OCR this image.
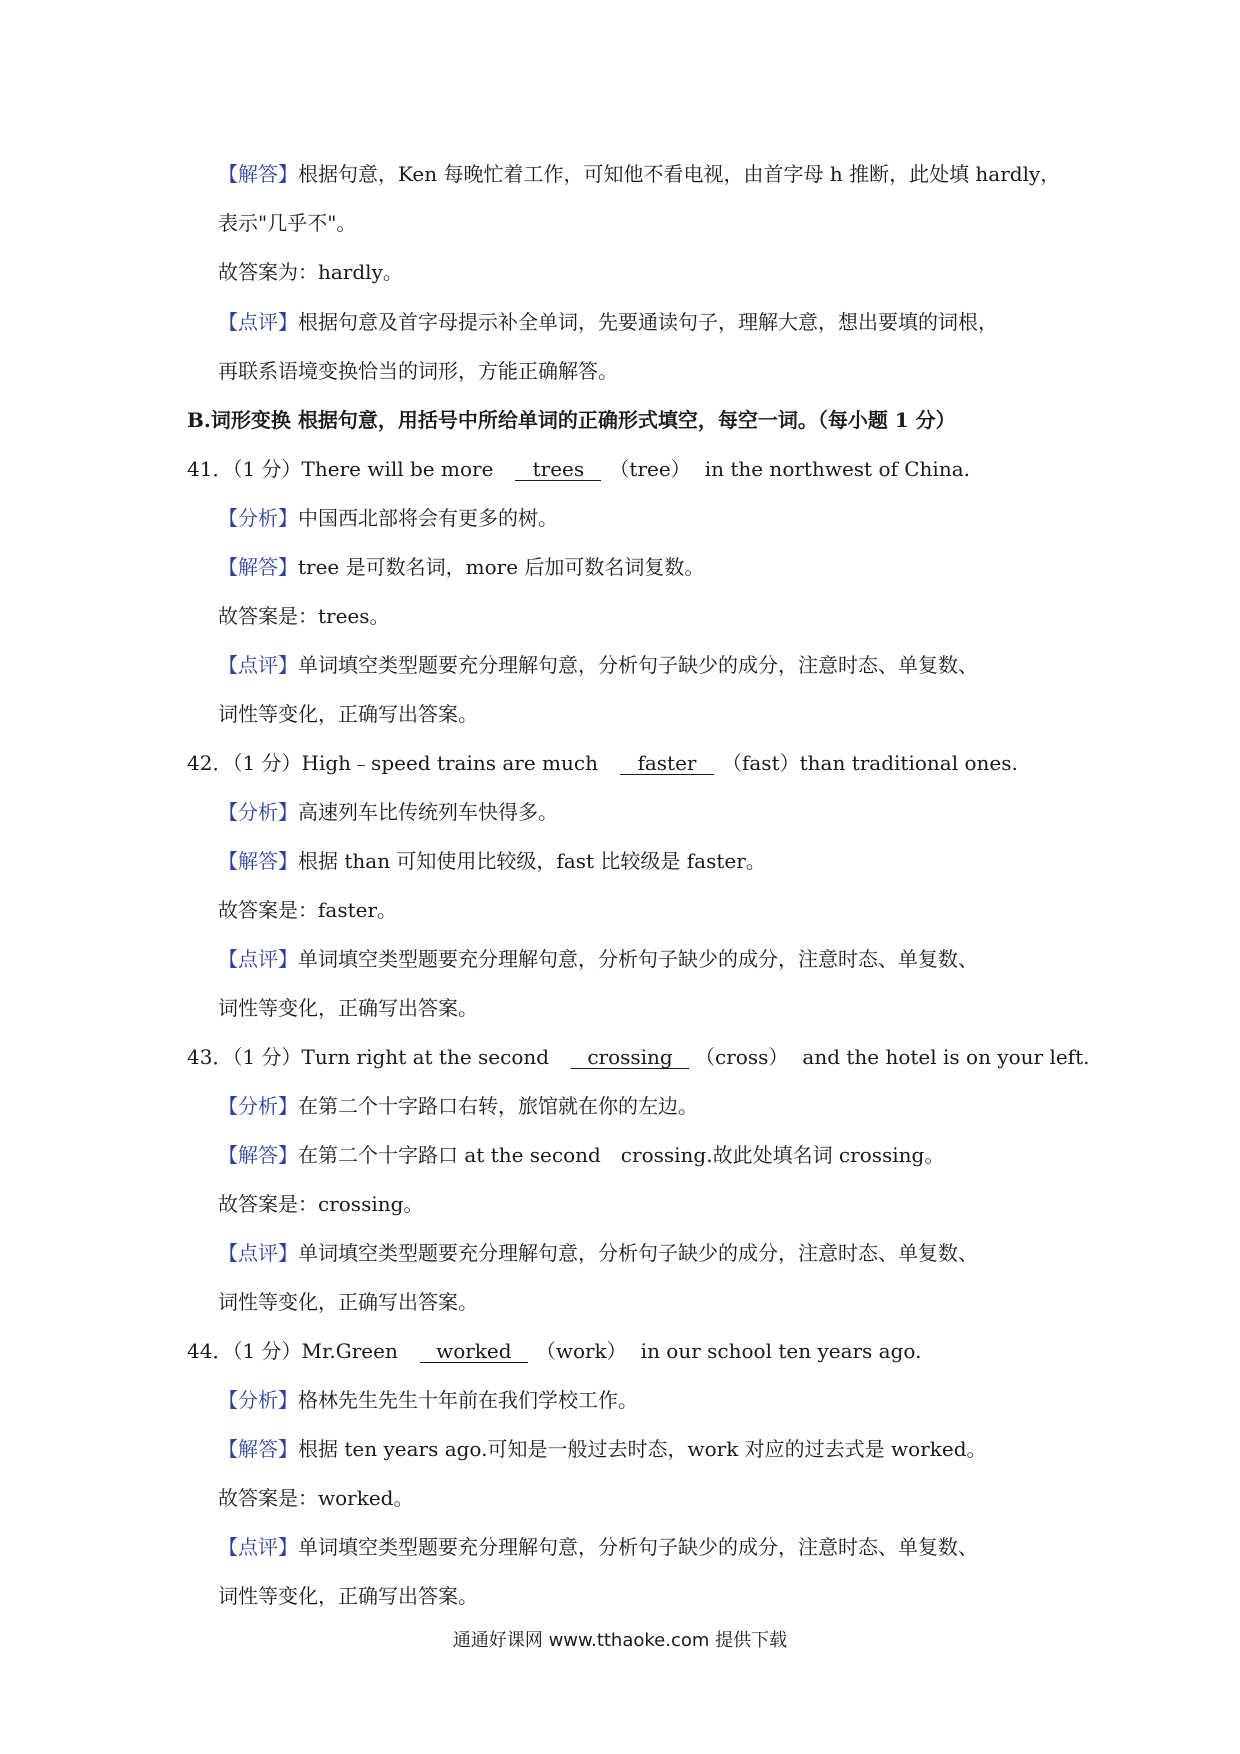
【解答】根据句意，Ken 每晚忙着工作，可知他不看电视，由首字母 h 推断，此处填 hardly，
表示"几乎不"。
故答案为：hardly。
【点评】根据句意及首字母提示补全单词，先要通读句子，理解大意，想出要填的词根，
再联系语境变换恰当的词形，方能正确解答。
B.词形变换 根据句意，用括号中所给单词的正确形式填空，每空一词。（每小题 1 分）
41．（1 分）There will be more trees （tree） in the northwest of China.
【分析】中国西北部将会有更多的树。
【解答】tree 是可数名词，more 后加可数名词复数。
故答案是：trees。
【点评】单词填空类型题要充分理解句意，分析句子缺少的成分，注意时态、单复数、
词性等变化，正确写出答案。
42．（1 分）High﹣speed trains are much faster （fast）than traditional ones.
【分析】高速列车比传统列车快得多。
【解答】根据 than 可知使用比较级，fast 比较级是 faster。
故答案是：faster。
【点评】单词填空类型题要充分理解句意，分析句子缺少的成分，注意时态、单复数、
词性等变化，正确写出答案。
43．（1 分）Turn right at the second crossing （cross） and the hotel is on your left.
【分析】在第二个十字路口右转，旅馆就在你的左边。
【解答】在第二个十字路口 at the second　crossing.故此处填名词 crossing。
故答案是：crossing。
【点评】单词填空类型题要充分理解句意，分析句子缺少的成分，注意时态、单复数、
词性等变化，正确写出答案。
44．（1 分）Mr.Green worked （work） in our school ten years ago.
【分析】格林先生先生十年前在我们学校工作。
【解答】根据 ten years ago.可知是一般过去时态，work 对应的过去式是 worked。
故答案是：worked。
【点评】单词填空类型题要充分理解句意，分析句子缺少的成分，注意时态、单复数、
词性等变化，正确写出答案。
通通好课网 www.tthaoke.com 提供下载
